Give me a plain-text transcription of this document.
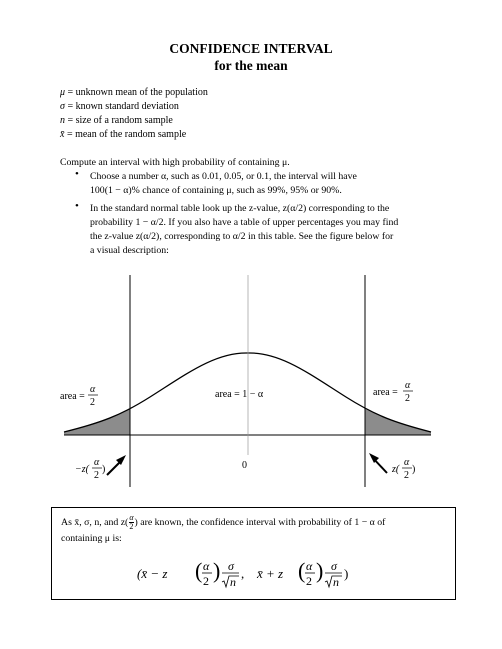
CONFIDENCE INTERVAL
for the mean
μ = unknown mean of the population
σ = known standard deviation
n = size of a random sample
x̄ = mean of the random sample
Compute an interval with high probability of containing μ.
• Choose a number α, such as 0.01, 0.05, or 0.1, the interval will have
100(1 − α)% chance of containing μ, such as 99%, 95% or 90%.
• In the standard normal table look up the z-value, z(α/2) corresponding to the
probability 1 − α/2. If you also have a table of upper percentages you may find
the z-value z(α/2), corresponding to α/2 in this table. See the figure below for
a visual description:
area =
α
2
area = 1 − α	area =
α
2
0
−z(
α
2
)	z(
α
2
)
As x̄, σ, n, and $z( \frac{\alpha}{2}$ ) are known, the confidence interval with probability of 1 − α of
containing μ is:
(x̄ − z ( α
2 ) σ
n
, x̄ + z ( α
2 ) σ
n
)
